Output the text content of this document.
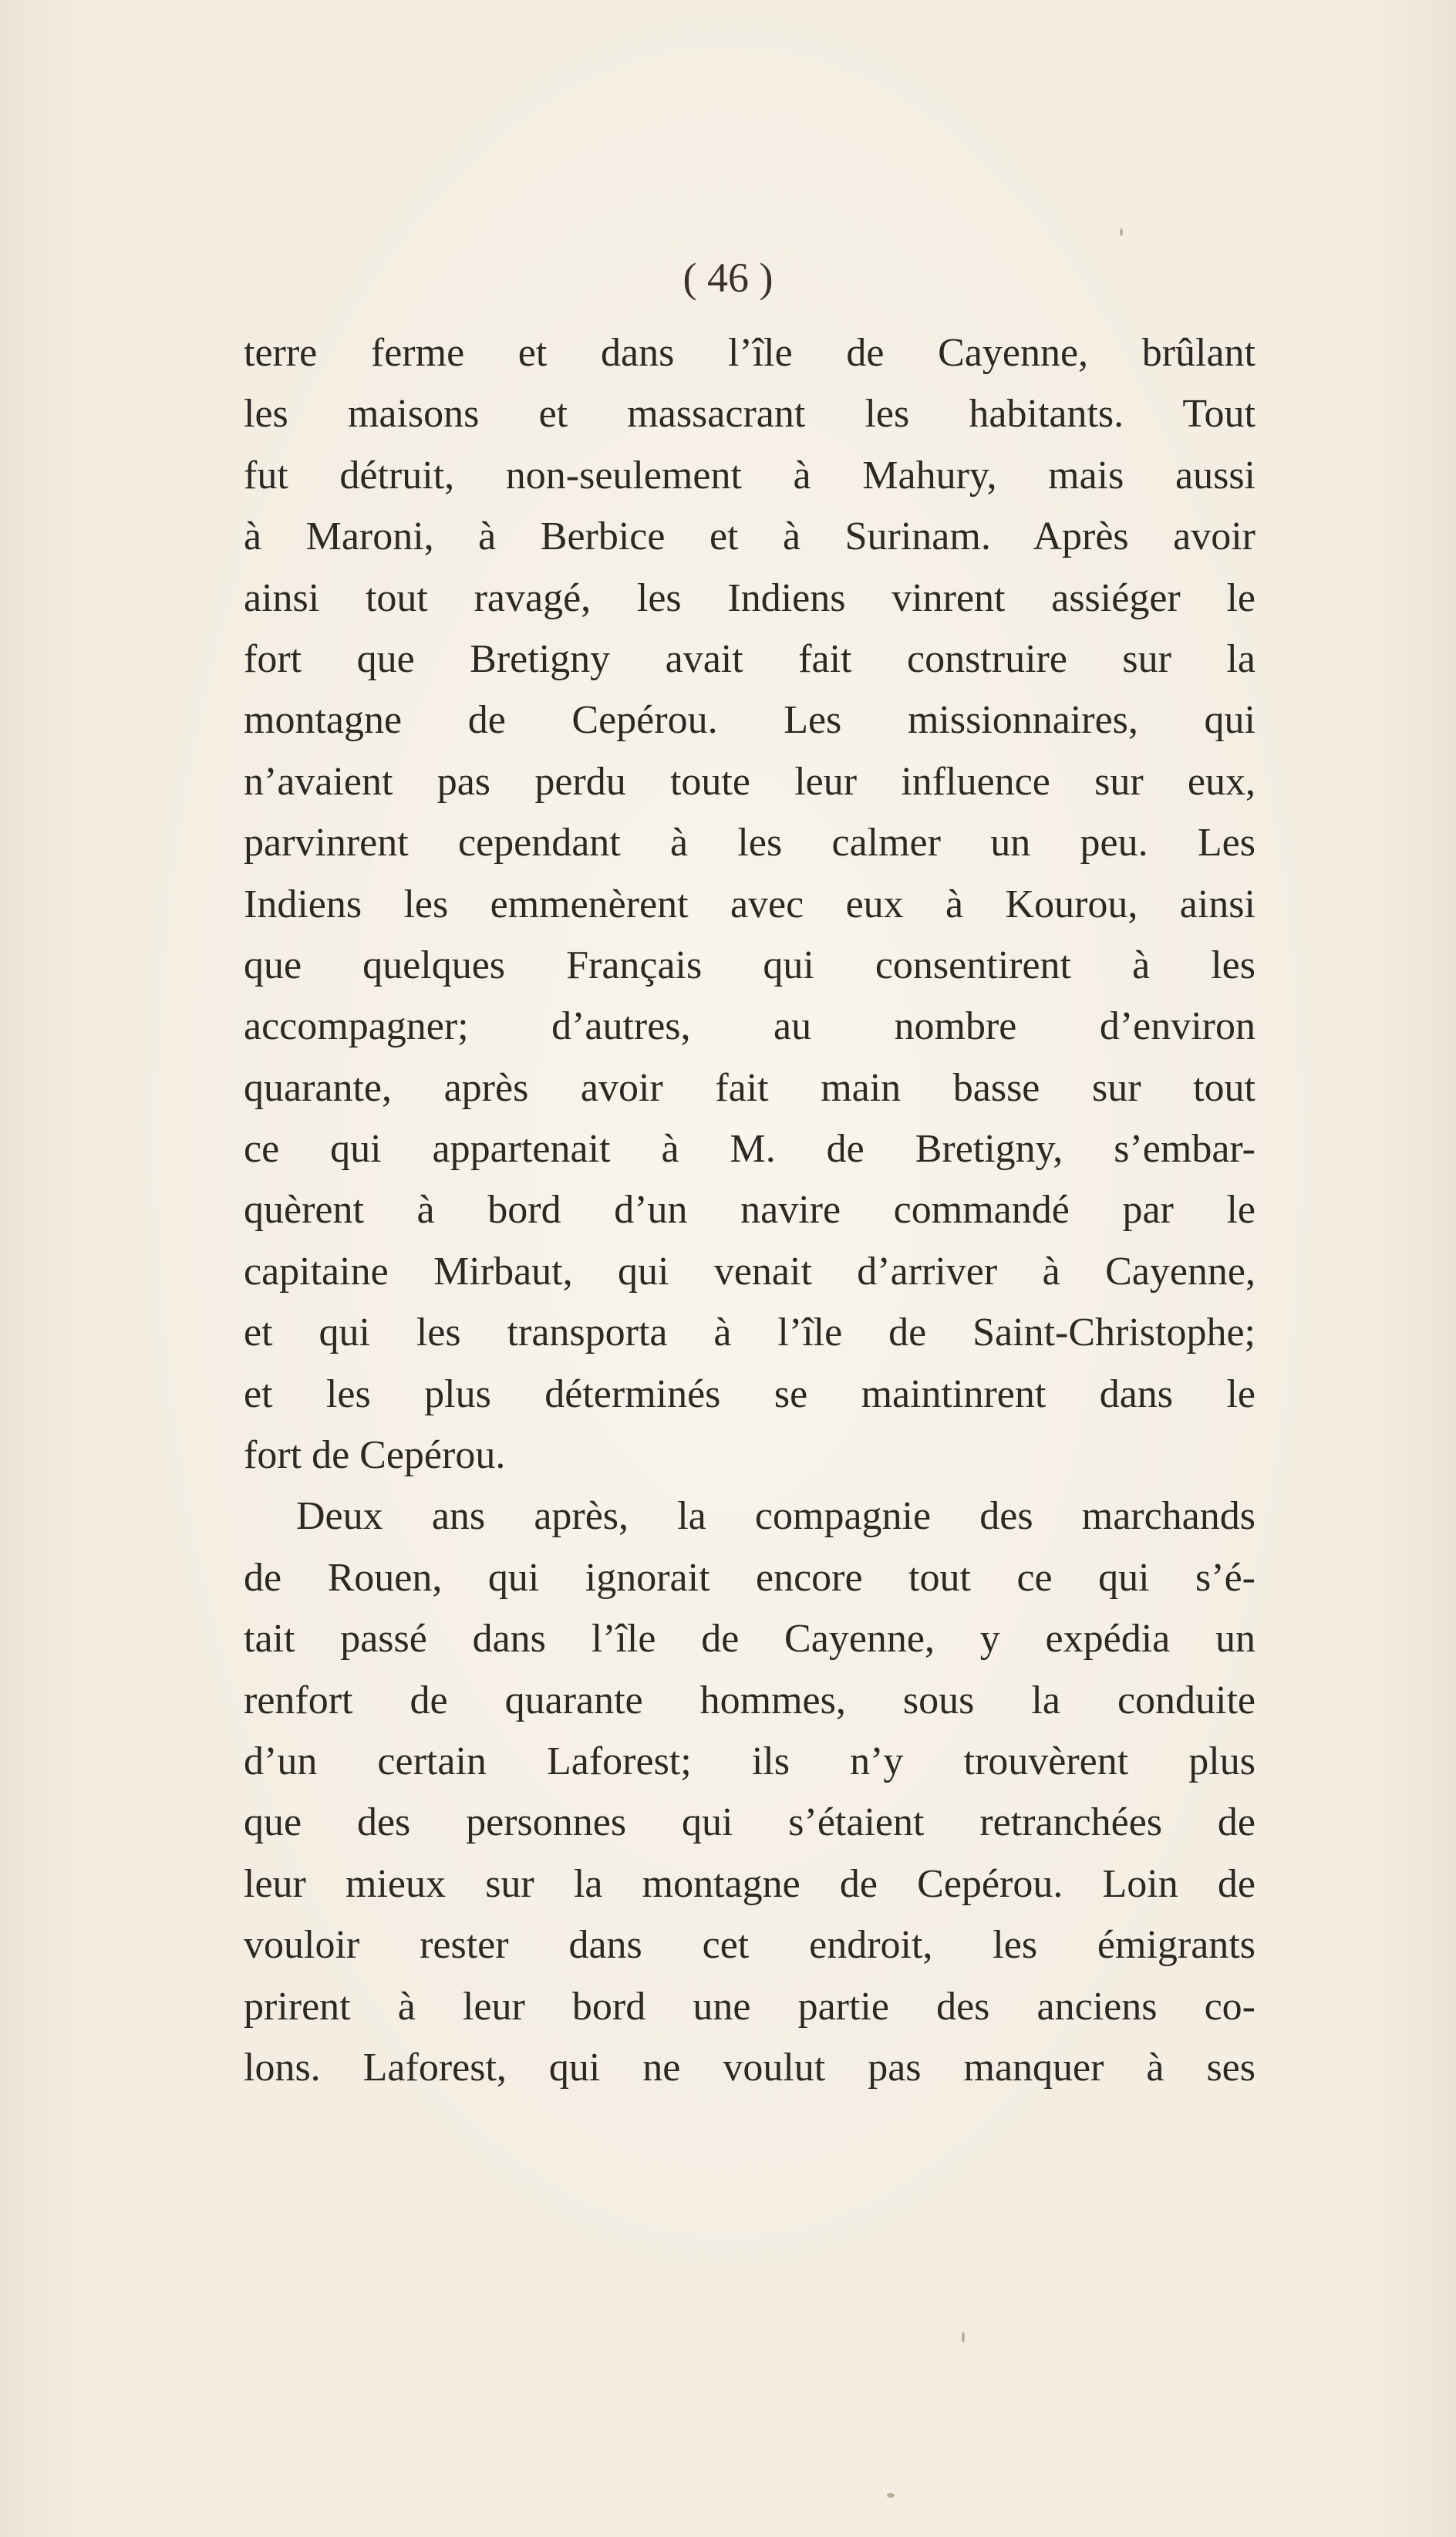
( 46 )
terre ferme et dans l’île de Cayenne, brûlant
les maisons et massacrant les habitants. Tout
fut détruit, non-seulement à Mahury, mais aussi
à Maroni, à Berbice et à Surinam. Après avoir
ainsi tout ravagé, les Indiens vinrent assiéger le
fort que Bretigny avait fait construire sur la
montagne de Cepérou. Les missionnaires, qui
n’avaient pas perdu toute leur influence sur eux,
parvinrent cependant à les calmer un peu. Les
Indiens les emmenèrent avec eux à Kourou, ainsi
que quelques Français qui consentirent à les
accompagner; d’autres, au nombre d’environ
quarante, après avoir fait main basse sur tout
ce qui appartenait à M. de Bretigny, s’embar-
quèrent à bord d’un navire commandé par le
capitaine Mirbaut, qui venait d’arriver à Cayenne,
et qui les transporta à l’île de Saint-Christophe;
et les plus déterminés se maintinrent dans le
fort de Cepérou.
Deux ans après, la compagnie des marchands
de Rouen, qui ignorait encore tout ce qui s’é-
tait passé dans l’île de Cayenne, y expédia un
renfort de quarante hommes, sous la conduite
d’un certain Laforest; ils n’y trouvèrent plus
que des personnes qui s’étaient retranchées de
leur mieux sur la montagne de Cepérou. Loin de
vouloir rester dans cet endroit, les émigrants
prirent à leur bord une partie des anciens co-
lons. Laforest, qui ne voulut pas manquer à ses
